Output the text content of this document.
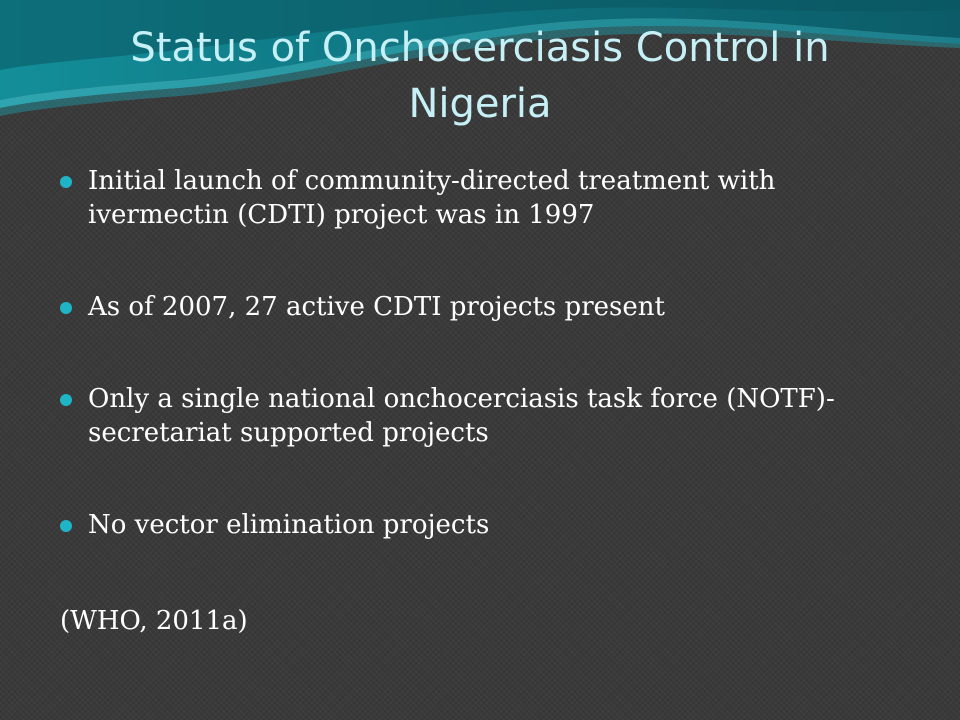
Status of Onchocerciasis Control in Nigeria
Initial launch of community-directed treatment with ivermectin (CDTI) project was in 1997
As of 2007, 27 active CDTI projects present
Only a single national onchocerciasis task force (NOTF)-secretariat supported projects
No vector elimination projects

(WHO, 2011a)
